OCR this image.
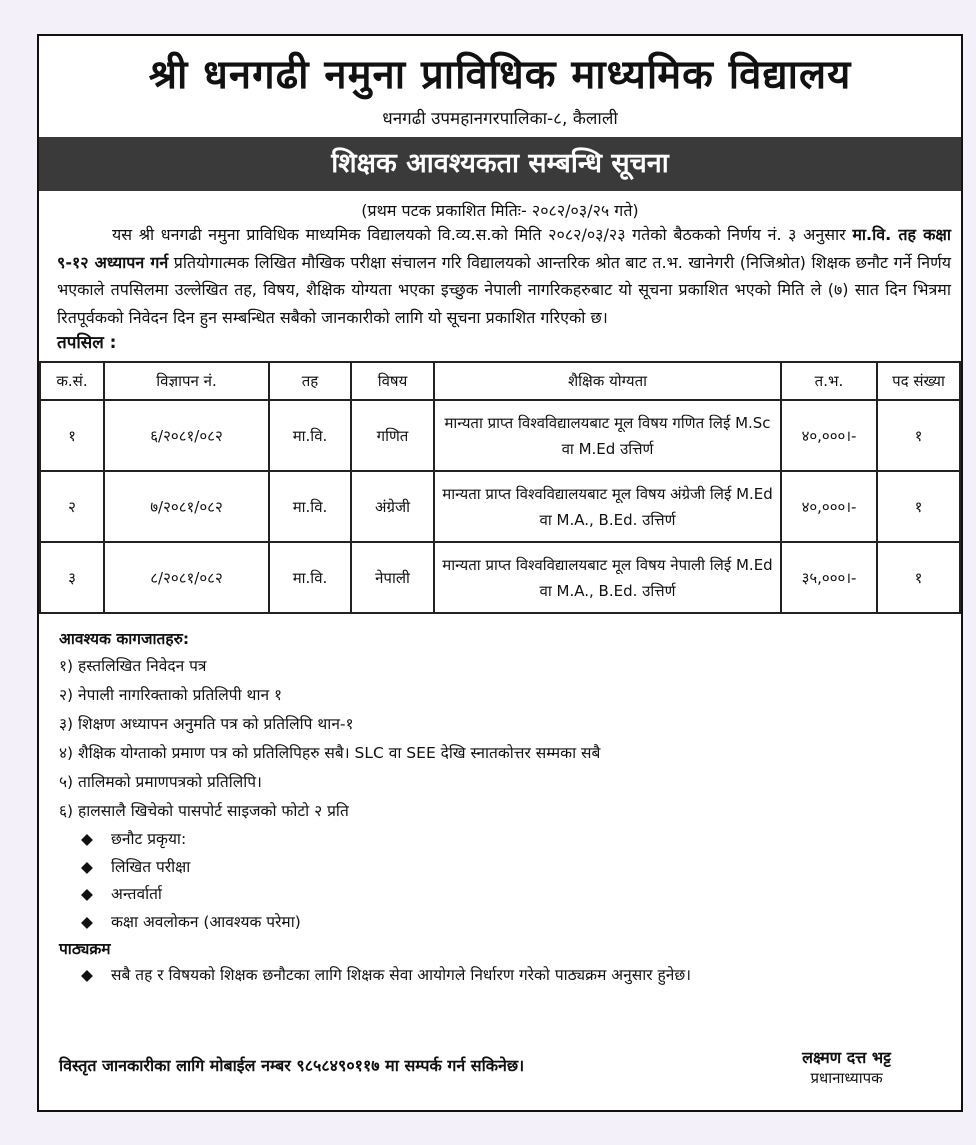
श्री धनगढी नमुना प्राविधिक माध्यमिक विद्यालय
धनगढी उपमहानगरपालिका-८, कैलाली
शिक्षक आवश्यकता सम्बन्धि सूचना
(प्रथम पटक प्रकाशित मितिः- २०८२/०३/२५ गते)
यस श्री धनगढी नमुना प्राविधिक माध्यमिक विद्यालयको वि.व्य.स.को मिति २०८२/०३/२३ गतेको बैठकको निर्णय नं. ३ अनुसार मा.वि. तह कक्षा ९-१२ अध्यापन गर्न प्रतियोगात्मक लिखित मौखिक परीक्षा संचालन गरि विद्यालयको आन्तरिक श्रोत बाट त.भ. खानेगरी (निजिश्रोत) शिक्षक छनौट गर्ने निर्णय भएकाले तपसिलमा उल्लेखित तह, विषय, शैक्षिक योग्यता भएका इच्छुक नेपाली नागरिकहरुबाट यो सूचना प्रकाशित भएको मिति ले (७) सात दिन भित्रमा रितपूर्वकको निवेदन दिन हुन सम्बन्धित सबैको जानकारीको लागि यो सूचना प्रकाशित गरिएको छ।
तपसिल :
क.सं.	विज्ञापन नं.	तह	विषय	शैक्षिक योग्यता	त.भ.	पद संख्या
१	६/२०८१/०८२	मा.वि.	गणित	मान्यता प्राप्त विश्वविद्यालयबाट मूल विषय गणित लिई M.Sc वा M.Ed उत्तिर्ण	४०,०००।-	१
२	७/२०८१/०८२	मा.वि.	अंग्रेजी	मान्यता प्राप्त विश्वविद्यालयबाट मूल विषय अंग्रेजी लिई M.Ed वा M.A., B.Ed. उत्तिर्ण	४०,०००।-	१
३	८/२०८१/०८२	मा.वि.	नेपाली	मान्यता प्राप्त विश्वविद्यालयबाट मूल विषय नेपाली लिई M.Ed वा M.A., B.Ed. उत्तिर्ण	३५,०००।-	१
आवश्यक कागजातहरु:
१) हस्तलिखित निवेदन पत्र
२) नेपाली नागरिक्ताको प्रतिलिपी थान १
३) शिक्षण अध्यापन अनुमति पत्र को प्रतिलिपि थान-१
४) शैक्षिक योग्ताको प्रमाण पत्र को प्रतिलिपिहरु सबै। SLC वा SEE देखि स्नातकोत्तर सम्मका सबै
५) तालिमको प्रमाणपत्रको प्रतिलिपि।
६) हालसालै खिचेको पासपोर्ट साइजको फोटो २ प्रति
◆ छनौट प्रकृया:
◆ लिखित परीक्षा
◆ अन्तर्वार्ता
◆ कक्षा अवलोकन (आवश्यक परेमा)
पाठ्यक्रम
◆ सबै तह र विषयको शिक्षक छनौटका लागि शिक्षक सेवा आयोगले निर्धारण गरेको पाठ्यक्रम अनुसार हुनेछ।
विस्तृत जानकारीका लागि मोबाईल नम्बर ९८५८४९०११७ मा सम्पर्क गर्न सकिनेछ।	लक्ष्मण दत्त भट्ट
प्रधानाध्यापक
